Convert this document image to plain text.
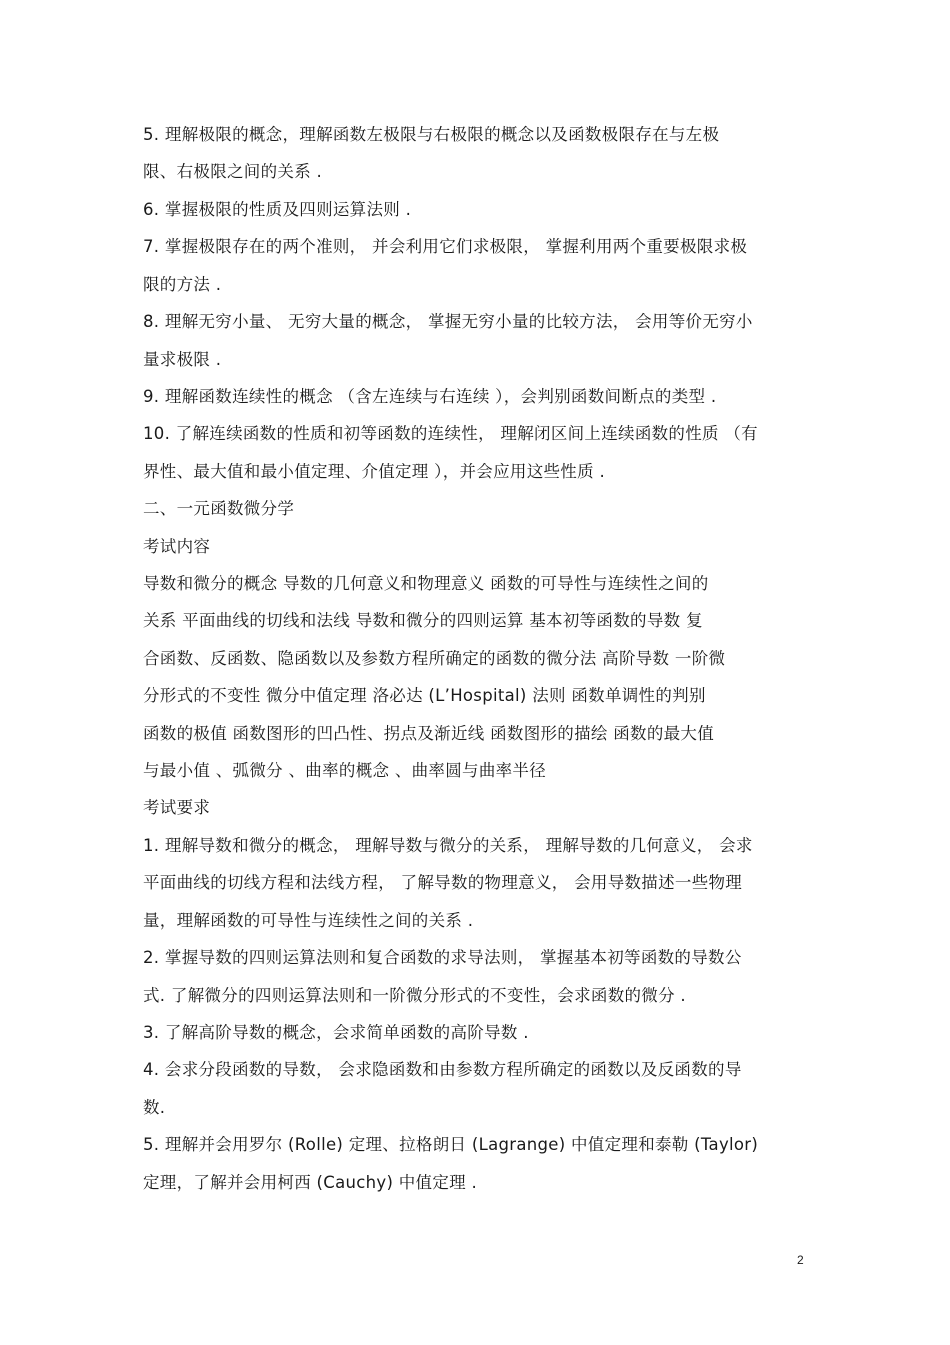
5. 理解极限的概念，理解函数左极限与右极限的概念以及函数极限存在与左极
限、右极限之间的关系 .
6. 掌握极限的性质及四则运算法则 .
7. 掌握极限存在的两个准则， 并会利用它们求极限， 掌握利用两个重要极限求极
限的方法 .
8. 理解无穷小量、 无穷大量的概念， 掌握无穷小量的比较方法， 会用等价无穷小
量求极限 .
9. 理解函数连续性的概念 （含左连续与右连续 ），会判别函数间断点的类型 .
10. 了解连续函数的性质和初等函数的连续性， 理解闭区间上连续函数的性质 （有
界性、最大值和最小值定理、介值定理 ），并会应用这些性质 .
二、一元函数微分学
考试内容
导数和微分的概念 导数的几何意义和物理意义 函数的可导性与连续性之间的
关系 平面曲线的切线和法线 导数和微分的四则运算 基本初等函数的导数 复
合函数、反函数、隐函数以及参数方程所确定的函数的微分法 高阶导数 一阶微
分形式的不变性 微分中值定理 洛必达 (L’Hospital) 法则 函数单调性的判别
函数的极值 函数图形的凹凸性、拐点及渐近线 函数图形的描绘 函数的最大值
与最小值 、弧微分 、曲率的概念 、曲率圆与曲率半径
考试要求
1. 理解导数和微分的概念， 理解导数与微分的关系， 理解导数的几何意义， 会求
平面曲线的切线方程和法线方程， 了解导数的物理意义， 会用导数描述一些物理
量，理解函数的可导性与连续性之间的关系 .
2. 掌握导数的四则运算法则和复合函数的求导法则， 掌握基本初等函数的导数公
式. 了解微分的四则运算法则和一阶微分形式的不变性，会求函数的微分 .
3. 了解高阶导数的概念，会求简单函数的高阶导数 .
4. 会求分段函数的导数， 会求隐函数和由参数方程所确定的函数以及反函数的导
数.
5. 理解并会用罗尔 (Rolle) 定理、拉格朗日 (Lagrange) 中值定理和泰勒 (Taylor)
定理，了解并会用柯西 (Cauchy) 中值定理 .
2
